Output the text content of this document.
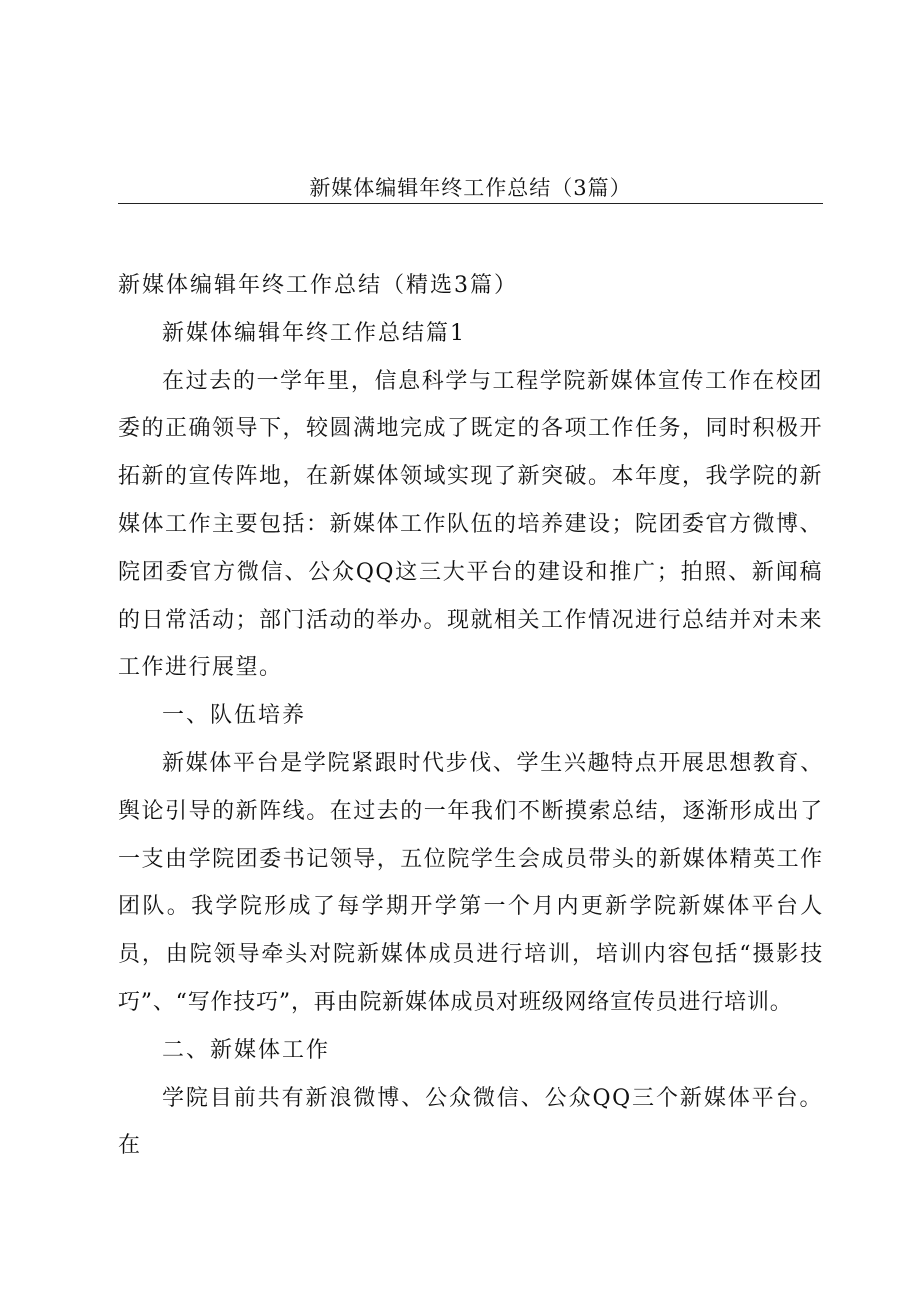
新媒体编辑年终工作总结（3篇）

新媒体编辑年终工作总结（精选3篇）

新媒体编辑年终工作总结篇1

在过去的一学年里，信息科学与工程学院新媒体宣传工作在校团委的正确领导下，较圆满地完成了既定的各项工作任务，同时积极开拓新的宣传阵地，在新媒体领域实现了新突破。本年度，我学院的新媒体工作主要包括：新媒体工作队伍的培养建设；院团委官方微博、院团委官方微信、公众QQ这三大平台的建设和推广；拍照、新闻稿的日常活动；部门活动的举办。现就相关工作情况进行总结并对未来工作进行展望。

一、队伍培养

新媒体平台是学院紧跟时代步伐、学生兴趣特点开展思想教育、舆论引导的新阵线。在过去的一年我们不断摸索总结，逐渐形成出了一支由学院团委书记领导，五位院学生会成员带头的新媒体精英工作团队。我学院形成了每学期开学第一个月内更新学院新媒体平台人员，由院领导牵头对院新媒体成员进行培训，培训内容包括“摄影技巧”、“写作技巧”，再由院新媒体成员对班级网络宣传员进行培训。

二、新媒体工作

学院目前共有新浪微博、公众微信、公众QQ三个新媒体平台。在
